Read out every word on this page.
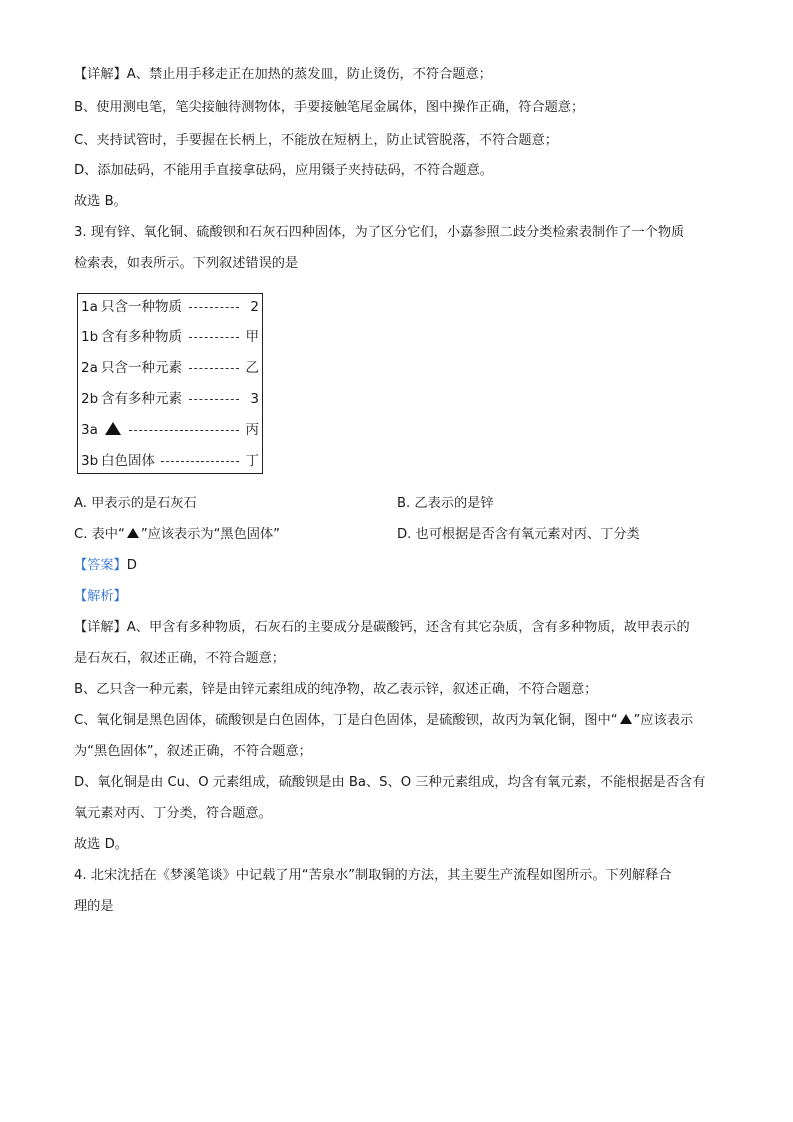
【详解】A、禁止用手移走正在加热的蒸发皿，防止烫伤，不符合题意；
B、使用测电笔，笔尖接触待测物体，手要接触笔尾金属体，图中操作正确，符合题意；
C、夹持试管时，手要握在长柄上，不能放在短柄上，防止试管脱落，不符合题意；
D、添加砝码，不能用手直接拿砝码，应用镊子夹持砝码，不符合题意。
故选 B。
3. 现有锌、氧化铜、硫酸钡和石灰石四种固体，为了区分它们，小嘉参照二歧分类检索表制作了一个物质
检索表，如表所示。下列叙述错误的是
1a 只含一种物质	2
1b 含有多种物质	甲
2a 只含一种元素	乙
2b 含有多种元素	3
3a	丙
3b 白色固体	丁
A. 甲表示的是石灰石	B. 乙表示的是锌
C. 表中“ ”应该表示为“黑色固体”	D. 也可根据是否含有氧元素对丙、丁分类
【答案】D
【解析】
【详解】A、甲含有多种物质，石灰石的主要成分是碳酸钙，还含有其它杂质，含有多种物质，故甲表示的
是石灰石，叙述正确，不符合题意；
B、乙只含一种元素，锌是由锌元素组成的纯净物，故乙表示锌，叙述正确，不符合题意；
C、氧化铜是黑色固体，硫酸钡是白色固体，丁是白色固体，是硫酸钡，故丙为氧化铜，图中“ ”应该表示
为“黑色固体”，叙述正确，不符合题意；
D、氧化铜是由 Cu、O 元素组成，硫酸钡是由 Ba、S、O 三种元素组成，均含有氧元素，不能根据是否含有
氧元素对丙、丁分类，符合题意。
故选 D。
4. 北宋沈括在《梦溪笔谈》中记载了用“苦泉水”制取铜的方法，其主要生产流程如图所示。下列解释合
理的是
